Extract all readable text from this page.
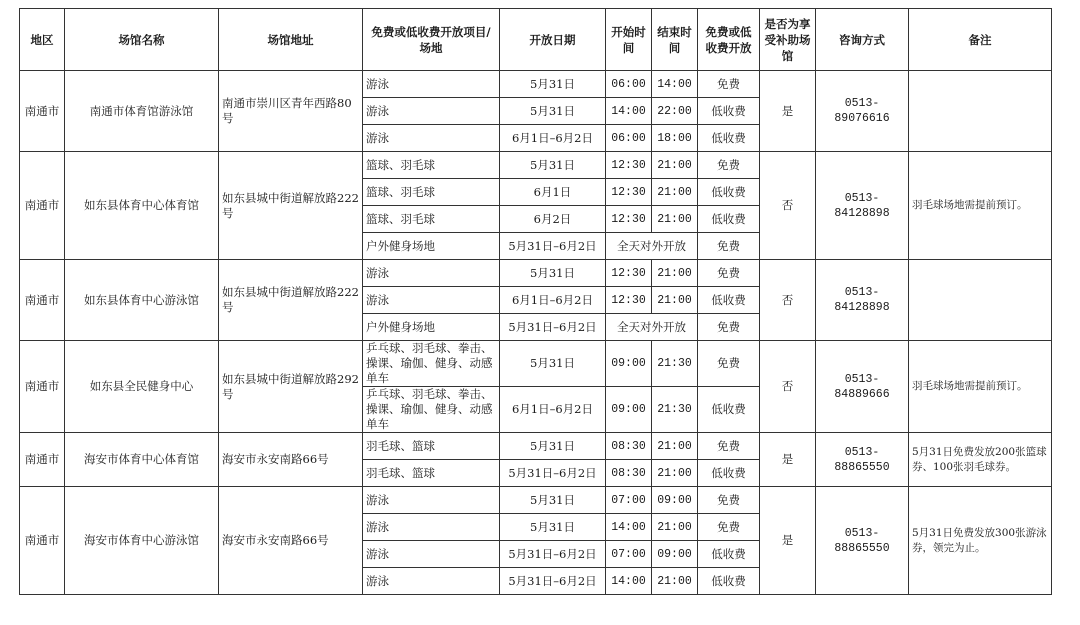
地区	场馆名称	场馆地址	免费或低收费开放项目/场地	开放日期	开始时间	结束时间	免费或低收费开放	是否为享受补助场馆	咨询方式	备注
南通市	南通市体育馆游泳馆	南通市崇川区青年西路80号	游泳	5月31日	06:00	14:00	免费	是	0513-89076616	
			游泳	5月31日	14:00	22:00	低收费			
			游泳	6月1日–6月2日	06:00	18:00	低收费			
南通市	如东县体育中心体育馆	如东县城中街道解放路222号	篮球、羽毛球	5月31日	12:30	21:00	免费	否	0513-84128898	羽毛球场地需提前预订。
			篮球、羽毛球	6月1日	12:30	21:00	低收费			
			篮球、羽毛球	6月2日	12:30	21:00	低收费			
			户外健身场地	5月31日–6月2日	全天对外开放		免费			
南通市	如东县体育中心游泳馆	如东县城中街道解放路222号	游泳	5月31日	12:30	21:00	免费	否	0513-84128898	
			游泳	6月1日–6月2日	12:30	21:00	低收费			
			户外健身场地	5月31日–6月2日	全天对外开放		免费			
南通市	如东县全民健身中心	如东县城中街道解放路292号	乒乓球、羽毛球、拳击、操课、瑜伽、健身、动感单车	5月31日	09:00	21:30	免费	否	0513-84889666	羽毛球场地需提前预订。
			乒乓球、羽毛球、拳击、操课、瑜伽、健身、动感单车	6月1日–6月2日	09:00	21:30	低收费			
南通市	海安市体育中心体育馆	海安市永安南路66号	羽毛球、篮球	5月31日	08:30	21:00	免费	是	0513-88865550	5月31日免费发放200张篮球券、100张羽毛球券。
			羽毛球、篮球	5月31日–6月2日	08:30	21:00	低收费			
南通市	海安市体育中心游泳馆	海安市永安南路66号	游泳	5月31日	07:00	09:00	免费	是	0513-88865550	5月31日免费发放300张游泳券，领完为止。
			游泳	5月31日	14:00	21:00	免费			
			游泳	5月31日–6月2日	07:00	09:00	低收费			
			游泳	5月31日–6月2日	14:00	21:00	低收费			
